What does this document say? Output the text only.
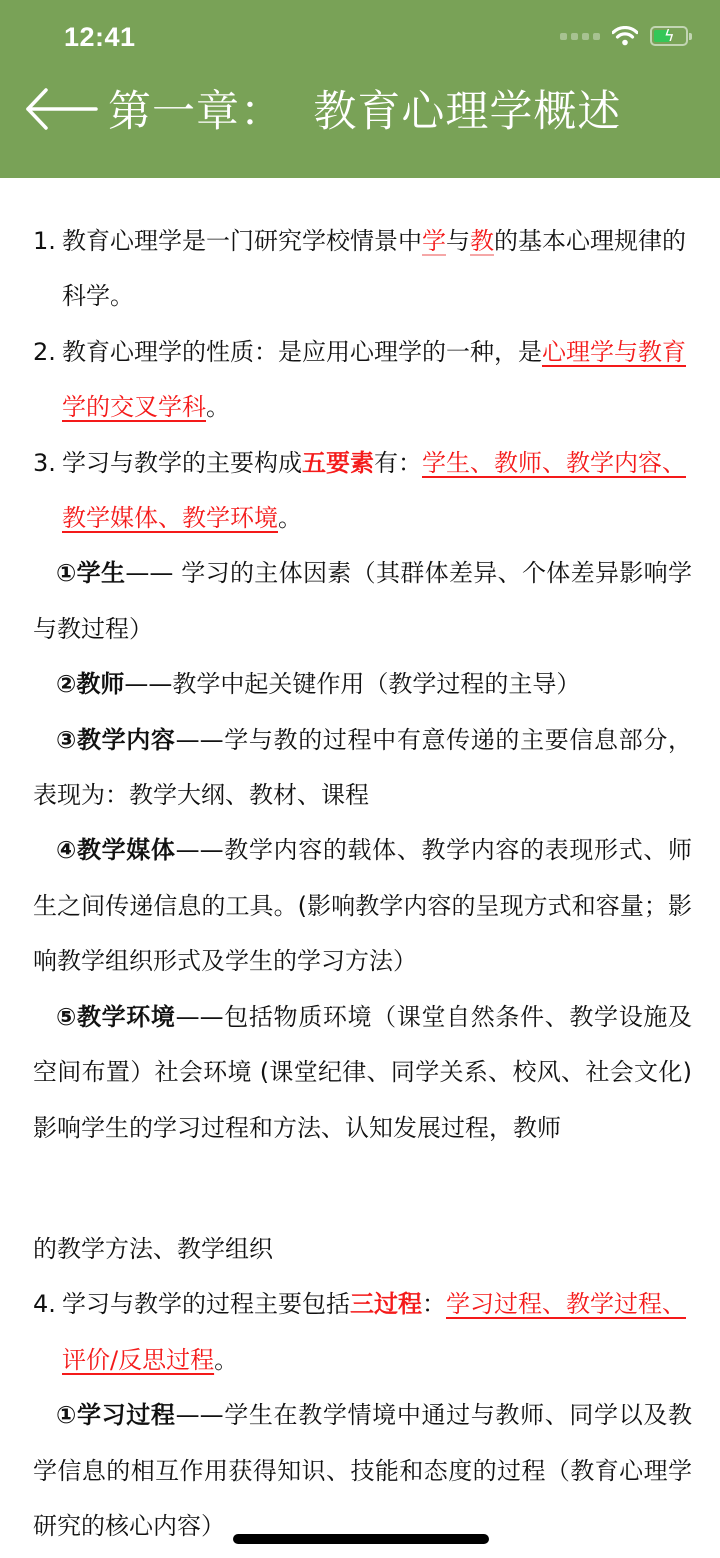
12:41	ϟ
第一章：  教育心理学概述
1. 教育心理学是一门研究学校情景中学与教的基本心理规律的科学。
2. 教育心理学的性质：是应用心理学的一种，是心理学与教育学的交叉学科。
3. 学习与教学的主要构成五要素有：学生、教师、教学内容、教学媒体、教学环境。
①学生—— 学习的主体因素（其群体差异、个体差异影响学与教过程）
②教师——教学中起关键作用（教学过程的主导）
③教学内容——学与教的过程中有意传递的主要信息部分，表现为：教学大纲、教材、课程
④教学媒体——教学内容的载体、教学内容的表现形式、师生之间传递信息的工具。(影响教学内容的呈现方式和容量；影响教学组织形式及学生的学习方法）
⑤教学环境——包括物质环境（课堂自然条件、教学设施及空间布置）社会环境 (课堂纪律、同学关系、校风、社会文化) 影响学生的学习过程和方法、认知发展过程，教师
的教学方法、教学组织
4. 学习与教学的过程主要包括三过程：学习过程、教学过程、评价/反思过程。
①学习过程——学生在教学情境中通过与教师、同学以及教学信息的相互作用获得知识、技能和态度的过程（教育心理学研究的核心内容）
